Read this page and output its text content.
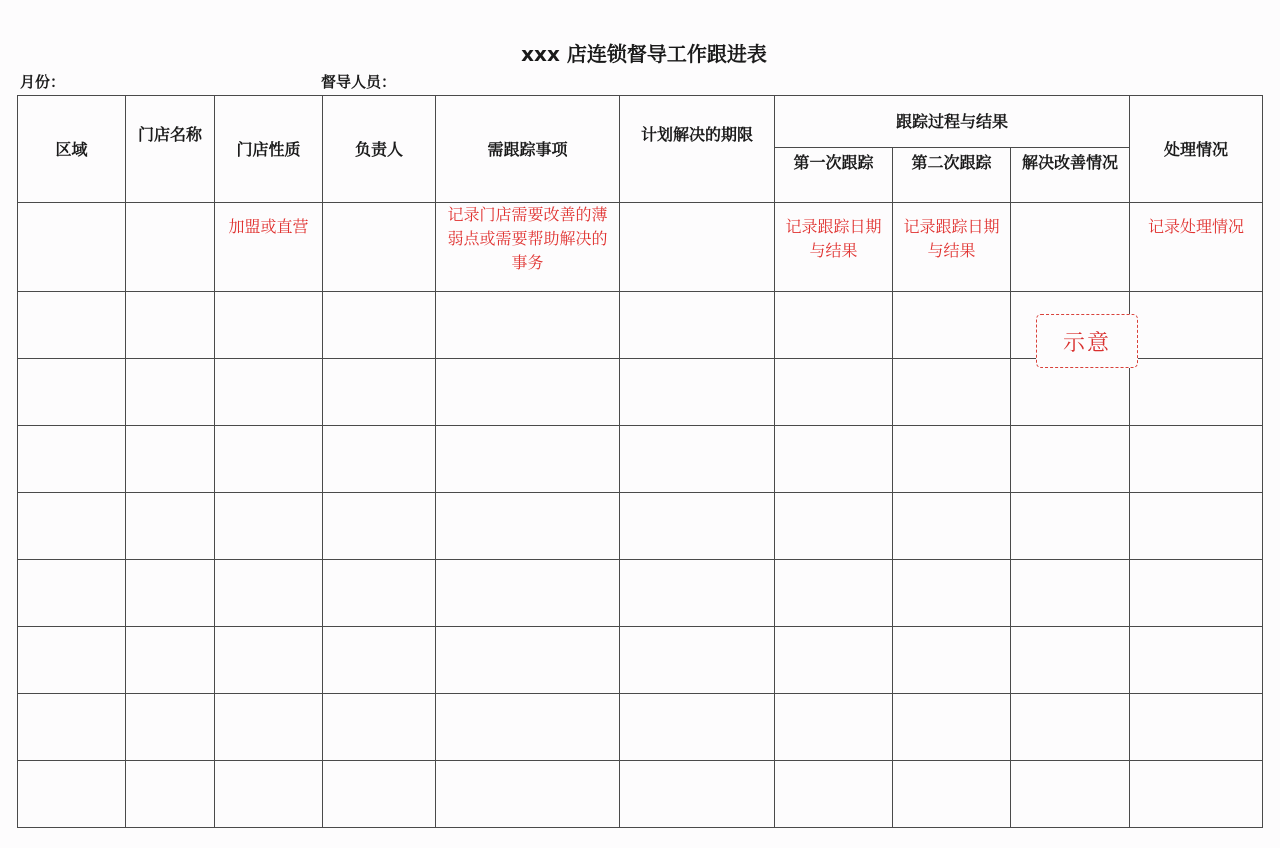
xxx 店连锁督导工作跟进表
月份：	督导人员：
区域	门店名称	门店性质	负责人	需跟踪事项	计划解决的期限	跟踪过程与结果			处理情况
						第一次跟踪	第二次跟踪	解决改善情况	
		加盟或直营		记录门店需要改善的薄弱点或需要帮助解决的事务		记录跟踪日期与结果	记录跟踪日期与结果		记录处理情况

示意
